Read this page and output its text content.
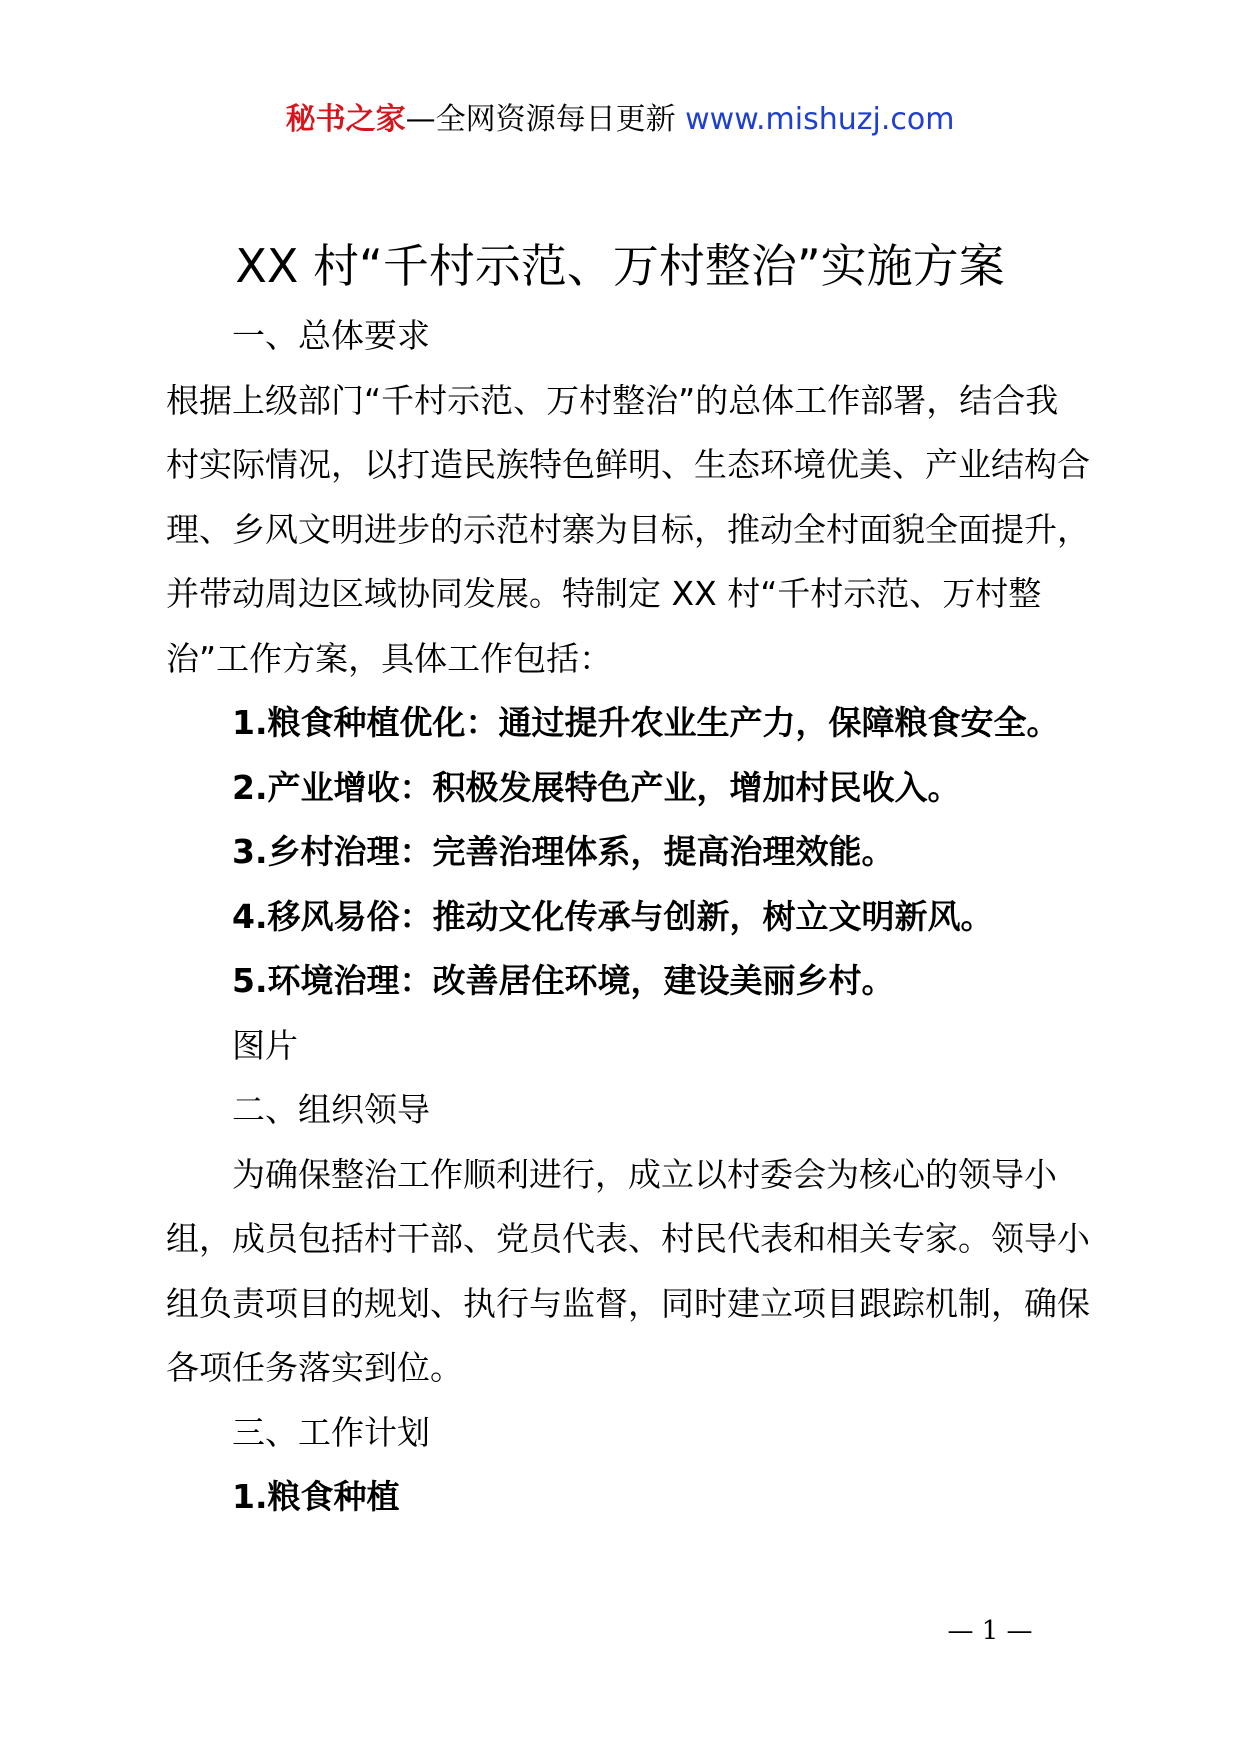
秘书之家—全网资源每日更新 www.mishuzj.com
XX 村“千村示范、万村整治”实施方案

一、总体要求

根据上级部门“千村示范、万村整治”的总体工作部署，结合我村实际情况，以打造民族特色鲜明、生态环境优美、产业结构合理、乡风文明进步的示范村寨为目标，推动全村面貌全面提升，并带动周边区域协同发展。特制定 XX 村“千村示范、万村整治”工作方案，具体工作包括：

1.粮食种植优化：通过提升农业生产力，保障粮食安全。

2.产业增收：积极发展特色产业，增加村民收入。

3.乡村治理：完善治理体系，提高治理效能。

4.移风易俗：推动文化传承与创新，树立文明新风。

5.环境治理：改善居住环境，建设美丽乡村。

图片

二、组织领导

为确保整治工作顺利进行，成立以村委会为核心的领导小组，成员包括村干部、党员代表、村民代表和相关专家。领导小组负责项目的规划、执行与监督，同时建立项目跟踪机制，确保各项任务落实到位。

三、工作计划

1.粮食种植

— 1 —
